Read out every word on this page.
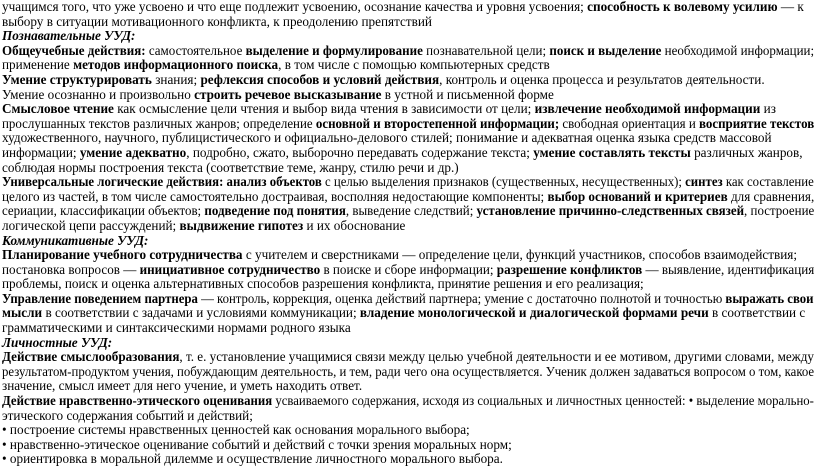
учащимся того, что уже усвоено и что еще подлежит усвоению, осознание качества и уровня усвоения; способность к волевому усилию — к
выбору в ситуации мотивационного конфликта, к преодолению препятствий
Познавательные УУД:
Общеучебные действия: самостоятельное выделение и формулирование познавательной цели; поиск и выделение необходимой информации;
применение методов информационного поиска, в том числе с помощью компьютерных средств
Умение структурировать знания; рефлексия способов и условий действия, контроль и оценка процесса и результатов деятельности.
Умение осознанно и произвольно строить речевое высказывание в устной и письменной форме
Смысловое чтение как осмысление цели чтения и выбор вида чтения в зависимости от цели; извлечение необходимой информации из
прослушанных текстов различных жанров; определение основной и второстепенной информации; свободная ориентация и восприятие текстов
художественного, научного, публицистического и официально-делового стилей; понимание и адекватная оценка языка средств массовой
информации; умение адекватно, подробно, сжато, выборочно передавать содержание текста; умение составлять тексты различных жанров,
соблюдая нормы построения текста (соответствие теме, жанру, стилю речи и др.)
Универсальные логические действия: анализ объектов с целью выделения признаков (существенных, несущественных); синтез как составление
целого из частей, в том числе самостоятельно достраивая, восполняя недостающие компоненты; выбор оснований и критериев для сравнения,
сериации, классификации объектов; подведение под понятия, выведение следствий; установление причинно-следственных связей, построение
логической цепи рассуждений; выдвижение гипотез и их обоснование
Коммуникативные УУД:
Планирование учебного сотрудничества с учителем и сверстниками — определение цели, функций участников, способов взаимодействия;
постановка вопросов — инициативное сотрудничество в поиске и сборе информации; разрешение конфликтов — выявление, идентификация
проблемы, поиск и оценка альтернативных способов разрешения конфликта, принятие решения и его реализация;
Управление поведением партнера — контроль, коррекция, оценка действий партнера; умение с достаточно полнотой и точностью выражать свои
мысли в соответствии с задачами и условиями коммуникации; владение монологической и диалогической формами речи в соответствии с
грамматическими и синтаксическими нормами родного языка
Личностные УУД:
Действие смыслообразования, т. е. установление учащимися связи между целью учебной деятельности и ее мотивом, другими словами, между
результатом-продуктом учения, побуждающим деятельность, и тем, ради чего она осуществляется. Ученик должен задаваться вопросом о том, какое
значение, смысл имеет для него учение, и уметь находить ответ.
Действие нравственно-этического оценивания усваиваемого содержания, исходя из социальных и личностных ценностей: • выделение морально-
этического содержания событий и действий;
• построение системы нравственных ценностей как основания морального выбора;
• нравственно-этическое оценивание событий и действий с точки зрения моральных норм;
• ориентировка в моральной дилемме и осуществление личностного морального выбора.
